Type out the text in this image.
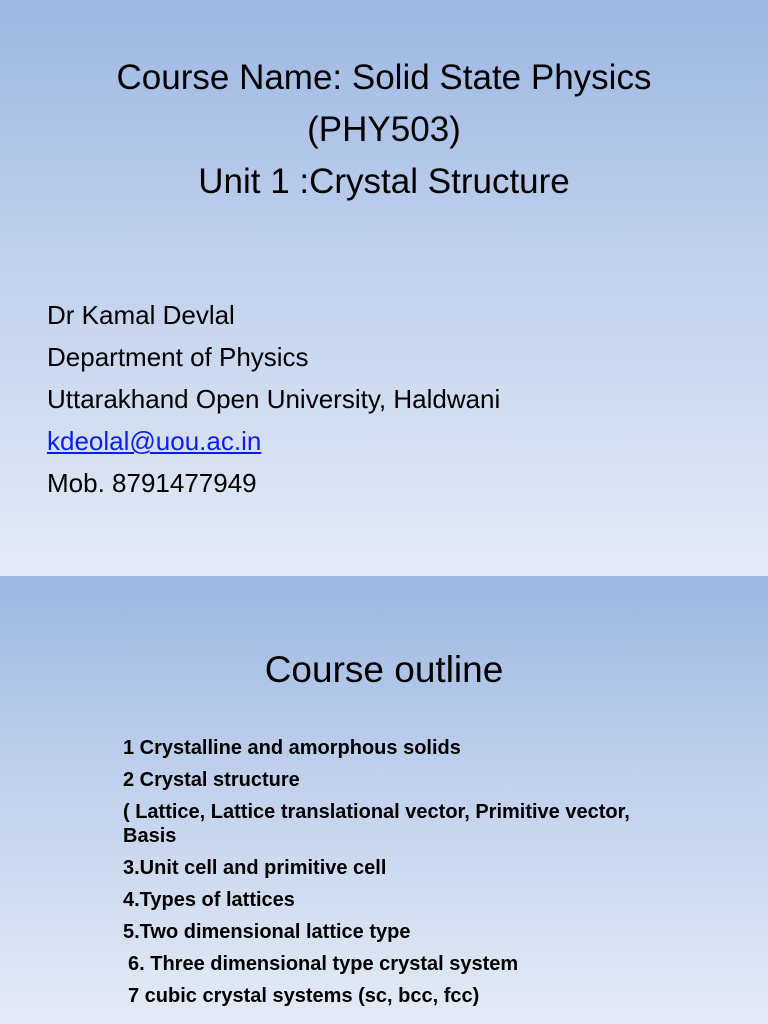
Course Name: Solid State Physics
(PHY503)
Unit 1 :Crystal Structure
Dr Kamal Devlal
Department of Physics
Uttarakhand Open University, Haldwani
kdeolal@uou.ac.in
Mob. 8791477949
Course outline
1 Crystalline and amorphous solids
2 Crystal structure
( Lattice, Lattice translational vector, Primitive vector, Basis
3.Unit cell and primitive cell
4.Types of lattices
5.Two dimensional lattice type
6. Three dimensional type crystal system
7 cubic crystal systems (sc, bcc, fcc)
